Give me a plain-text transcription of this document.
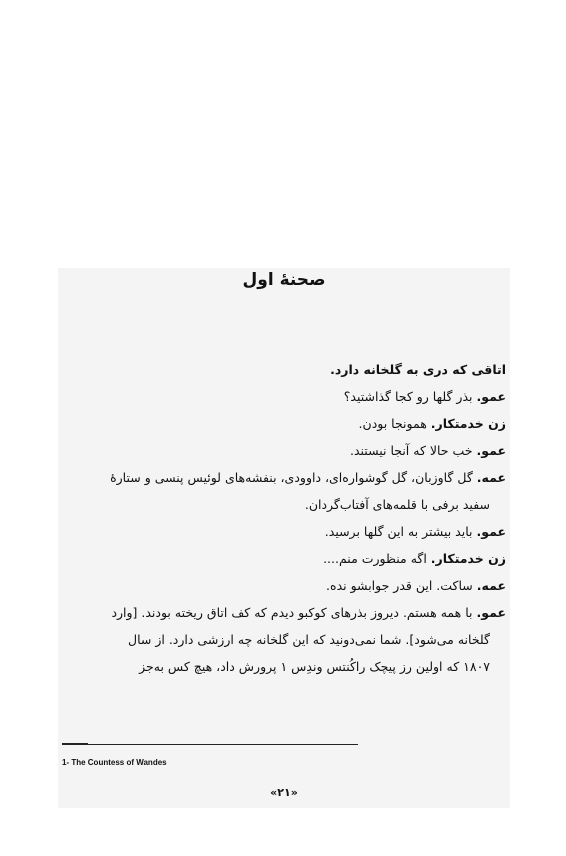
صحنهٔ اول
اتاقی که دری به گلخانه دارد.
عمو. بذر گلها رو کجا گذاشتید؟
زن خدمتکار. همونجا بودن.
عمو. خب حالا که آنجا نیستند.
عمه. گل گاوزبان، گل گوشواره‌ای، داوودی، بنفشه‌های لوئیس پنسی و ستارهٔ
سفید برفی با قلمه‌های آفتاب‌گردان.
عمو. باید بیشتر به این گلها برسید.
زن خدمتکار. اگه منظورت منم....
عمه. ساکت. این قدر جوابشو نده.
عمو. با همه هستم. دیروز بذرهای کوکبو دیدم که کف اتاق ریخته بودند. [وارد
گلخانه می‌شود]. شما نمی‌دونید که این گلخانه چه ارزشی دارد. از سال
۱۸۰۷ که اولین رز پیچک راکُنتس وندِس ۱ پرورش داد، هیچ کس به‌جز
1- The Countess of Wandes
«۲۱»
